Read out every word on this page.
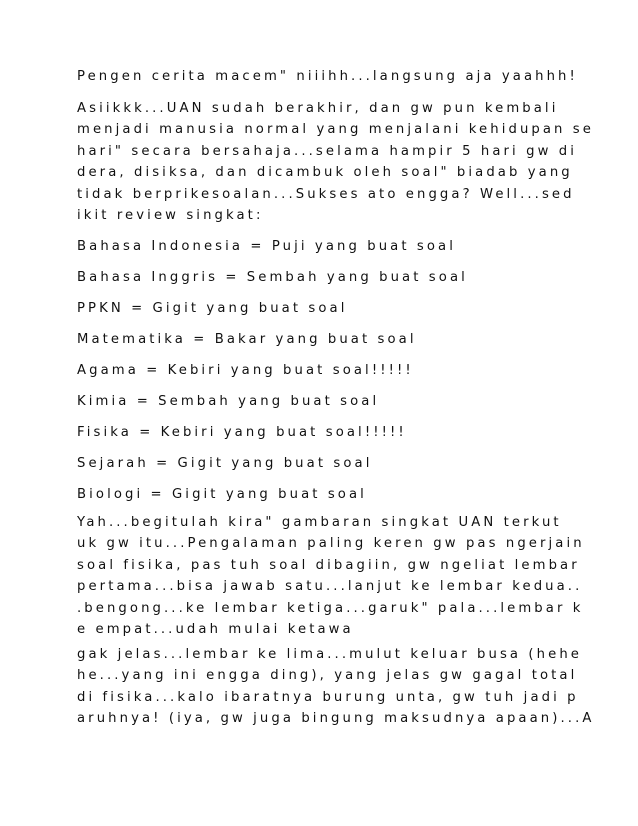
Pengen cerita macem" niiihh...langsung aja yaahhh!
Asiikkk...UAN sudah berakhir, dan gw pun kembali
menjadi manusia normal yang menjalani kehidupan se
hari" secara bersahaja...selama hampir 5 hari gw di
dera, disiksa, dan dicambuk oleh soal" biadab yang
tidak berprikesoalan...Sukses ato engga? Well...sed
ikit review singkat:
Bahasa Indonesia = Puji yang buat soal
Bahasa Inggris = Sembah yang buat soal
PPKN = Gigit yang buat soal
Matematika = Bakar yang buat soal
Agama = Kebiri yang buat soal!!!!!
Kimia = Sembah yang buat soal
Fisika = Kebiri yang buat soal!!!!!
Sejarah = Gigit yang buat soal
Biologi = Gigit yang buat soal
Yah...begitulah kira" gambaran singkat UAN terkut
uk gw itu...Pengalaman paling keren gw pas ngerjain
soal fisika, pas tuh soal dibagiin, gw ngeliat lembar
pertama...bisa jawab satu...lanjut ke lembar kedua..
.bengong...ke lembar ketiga...garuk" pala...lembar k
e empat...udah mulai ketawa
gak jelas...lembar ke lima...mulut keluar busa (hehe
he...yang ini engga ding), yang jelas gw gagal total
di fisika...kalo ibaratnya burung unta, gw tuh jadi p
aruhnya! (iya, gw juga bingung maksudnya apaan)...A
